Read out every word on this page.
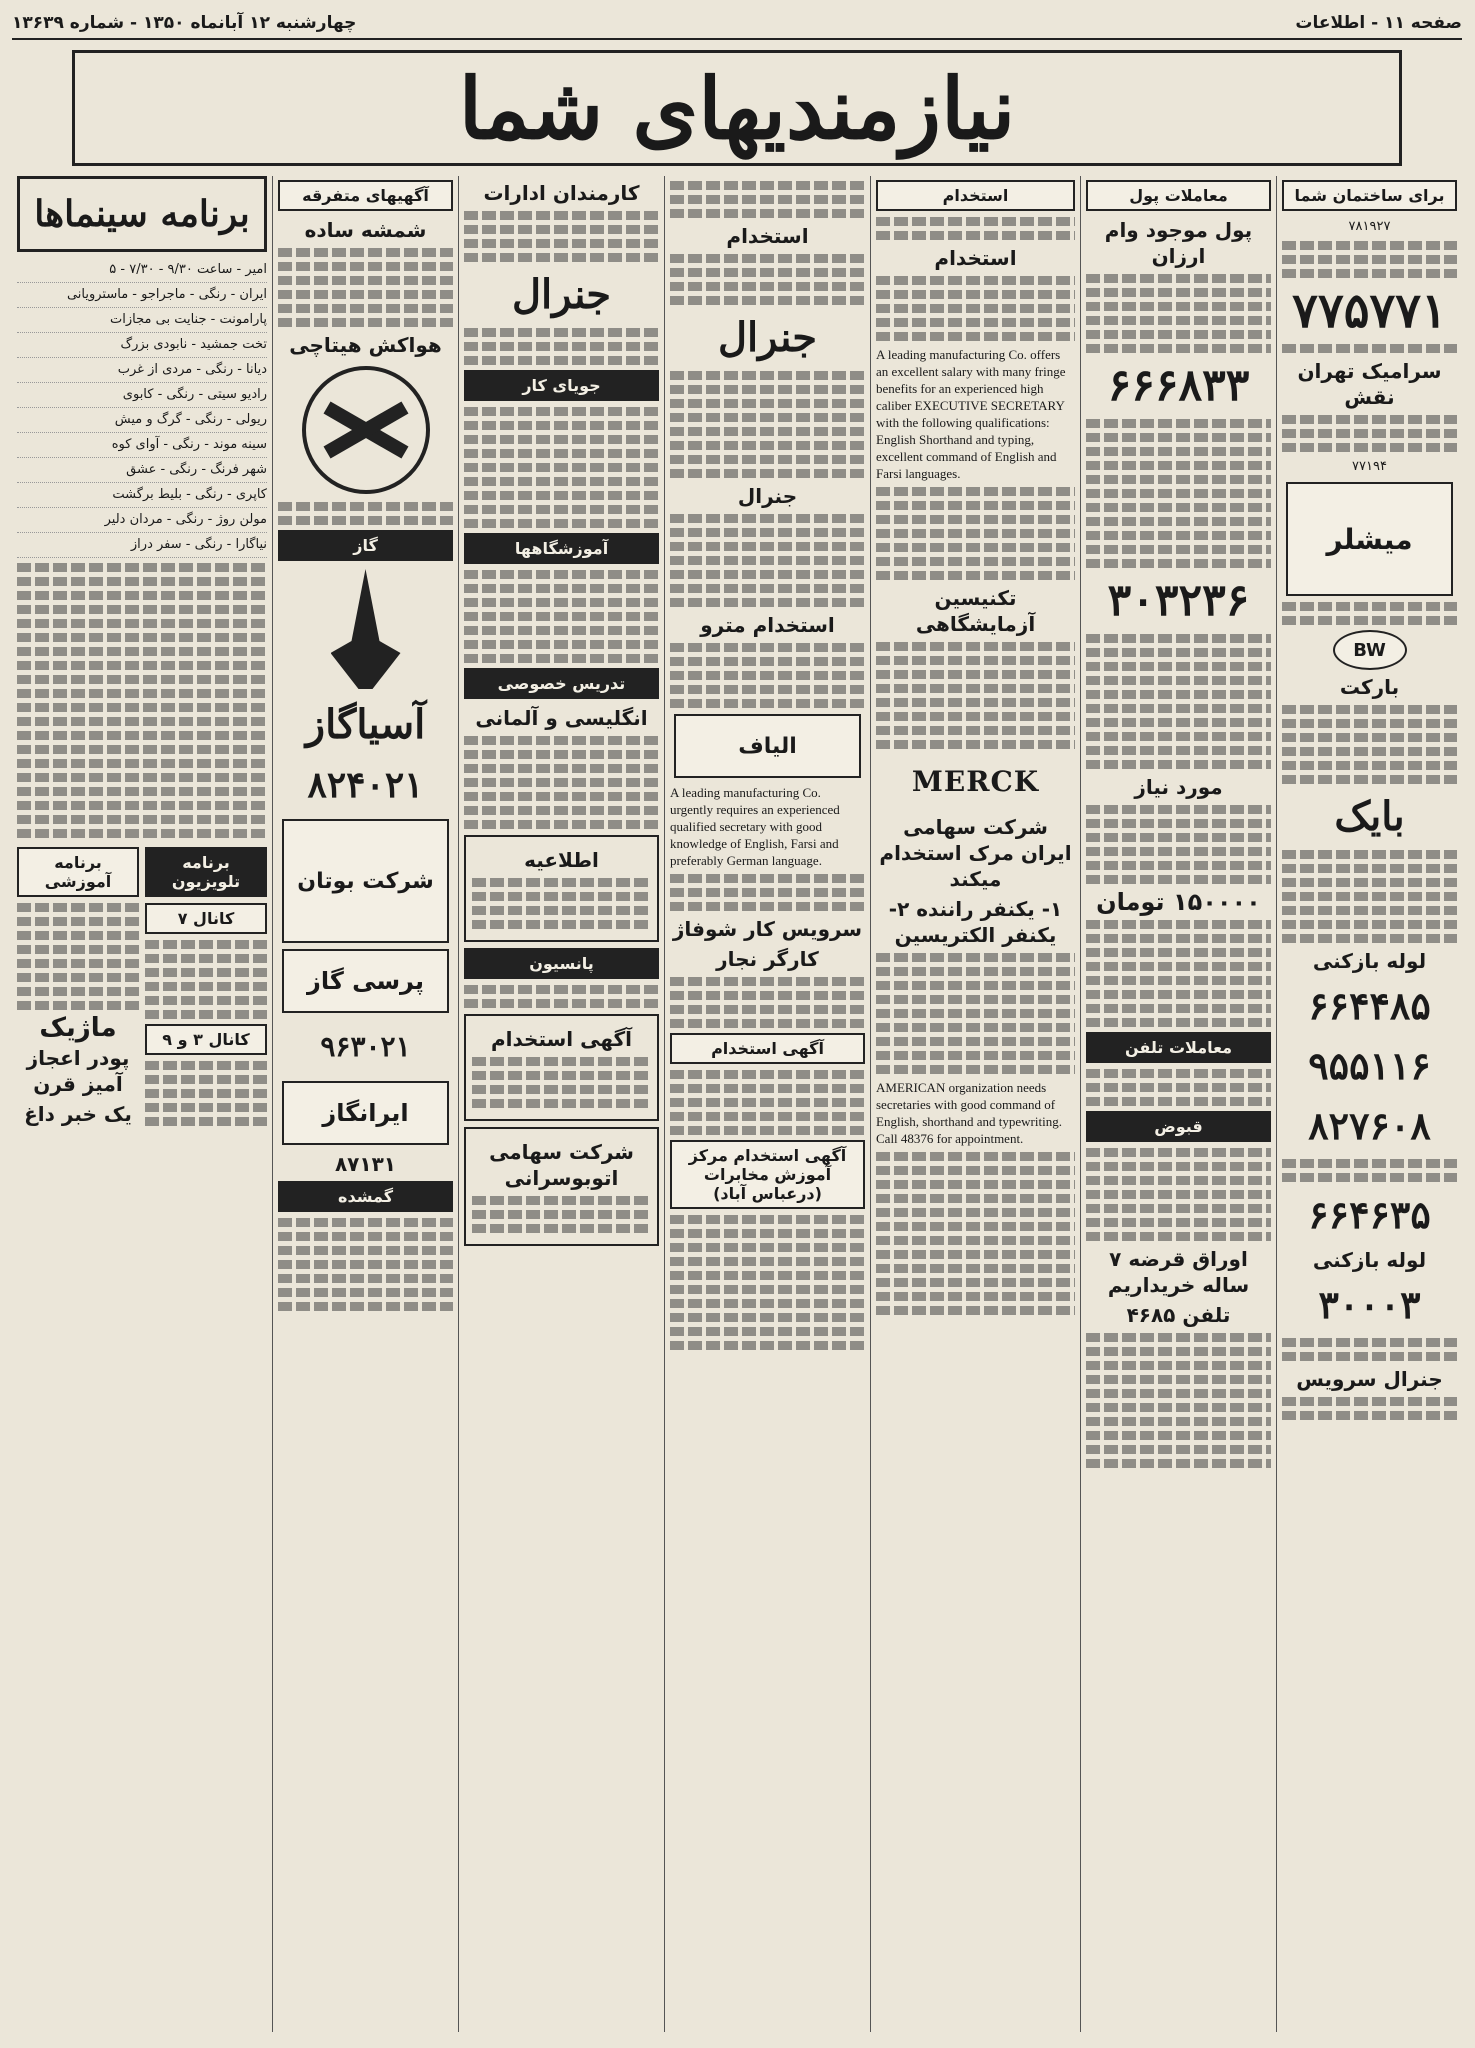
صفحه ۱۱ - اطلاعات
چهارشنبه ۱۲ آبانماه ۱۳۵۰ - شماره ۱۳۶۳۹
نیازمندیهای شما
برای ساختمان شما
۷۸۱۹۲۷
۷۷۵۷۷۱
سرامیک تهران نقش
۷۷۱۹۴
میشلر
BW
بارکت
بایک
لوله بازکنی
۶۶۴۴۸۵
۹۵۵۱۱۶
۸۲۷۶۰۸
۶۶۴۶۳۵
لوله بازکنی
۳۰۰۰۳
جنرال سرویس
معاملات پول
پول موجود وام ارزان
۶۶۶۸۳۳
۳۰۳۲۳۶
مورد نیاز
۱۵۰۰۰۰ تومان
معاملات تلفن
قبوض
اوراق قرضه ۷ ساله خریداریم
تلفن ۴۶۸۵
استخدام
استخدام
A leading manufacturing Co. offers an excellent salary with many fringe benefits for an experienced high caliber EXECUTIVE SECRETARY with the following qualifications: English Shorthand and typing, excellent command of English and Farsi languages.
تکنیسین آزمایشگاهی
MERCK
شرکت سهامی ایران مرک استخدام میکند
۱- یکنفر راننده ۲- یکنفر الکتریسین
AMERICAN organization needs secretaries with good command of English, shorthand and typewriting. Call 48376 for appointment.
استخدام
جنرال
جنرال
استخدام مترو
الیاف
A leading manufacturing Co. urgently requires an experienced qualified secretary with good knowledge of English, Farsi and preferably German language.
سرویس کار شوفاژ
کارگر نجار
آگهی استخدام
آگهی استخدام مرکز آموزش مخابرات (درعباس آباد)
کارمندان ادارات
جنرال
جویای کار
آموزشگاهها
تدریس خصوصی
انگلیسی و آلمانی
اطلاعیه
پانسیون
آگهی استخدام
شرکت سهامی اتوبوسرانی
آگهیهای متفرقه
شمشه ساده
هواکش هیتاچی
گاز
آسیاگاز
۸۲۴۰۲۱
شرکت بوتان
پرسی گاز
۹۶۳۰۲۱
ایرانگاز
۸۷۱۳۱
گمشده
برنامه سینماها
امیر - ساعت ۹/۳۰ - ۷/۳۰ - ۵
ایران - رنگی - ماجراجو - ماسترویانی
پارامونت - جنایت بی مجازات
تخت جمشید - نابودی بزرگ
دیانا - رنگی - مردی از غرب
رادیو سیتی - رنگی - کابوی
ریولی - رنگی - گرگ و میش
سینه موند - رنگی - آوای کوه
شهر فرنگ - رنگی - عشق
کاپری - رنگی - بلیط برگشت
مولن روژ - رنگی - مردان دلیر
نیاگارا - رنگی - سفر دراز
برنامه تلویزیون
کانال ۷
کانال ۳ و ۹
برنامه آموزشی
ماژیک
پودر اعجاز آمیز قرن
یک خبر داغ
